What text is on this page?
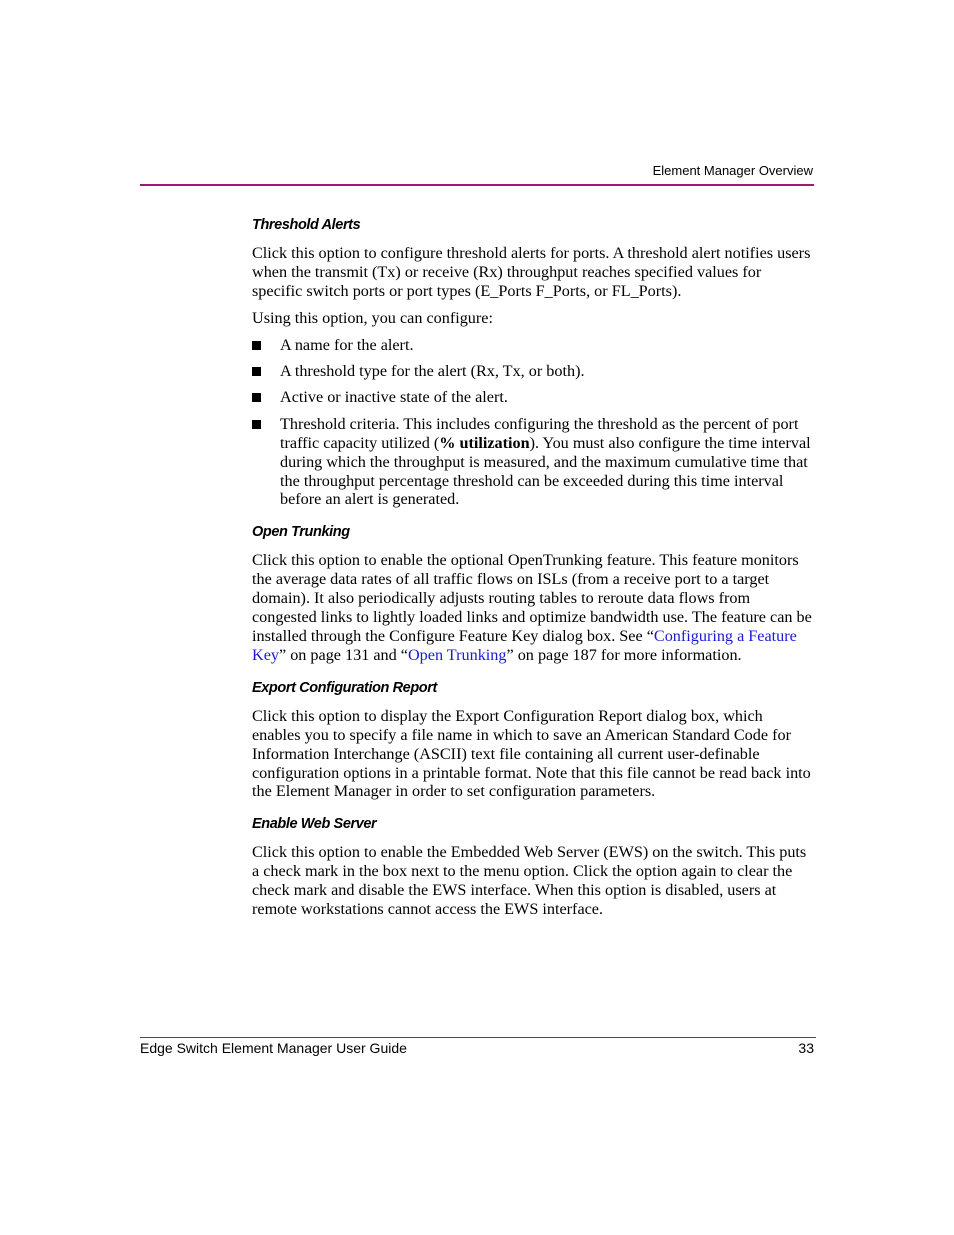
Element Manager Overview
Threshold Alerts

Click this option to configure threshold alerts for ports. A threshold alert notifies users when the transmit (Tx) or receive (Rx) throughput reaches specified values for specific switch ports or port types (E_Ports F_Ports, or FL_Ports).

Using this option, you can configure:

A name for the alert.
A threshold type for the alert (Rx, Tx, or both).
Active or inactive state of the alert.
Threshold criteria. This includes configuring the threshold as the percent of port traffic capacity utilized (% utilization). You must also configure the time interval during which the throughput is measured, and the maximum cumulative time that the throughput percentage threshold can be exceeded during this time interval before an alert is generated.
Open Trunking

Click this option to enable the optional OpenTrunking feature. This feature monitors the average data rates of all traffic flows on ISLs (from a receive port to a target domain). It also periodically adjusts routing tables to reroute data flows from congested links to lightly loaded links and optimize bandwidth use. The feature can be installed through the Configure Feature Key dialog box. See “Configuring a Feature Key” on page 131 and “Open Trunking” on page 187 for more information.

Export Configuration Report

Click this option to display the Export Configuration Report dialog box, which enables you to specify a file name in which to save an American Standard Code for Information Interchange (ASCII) text file containing all current user-definable configuration options in a printable format. Note that this file cannot be read back into the Element Manager in order to set configuration parameters.

Enable Web Server

Click this option to enable the Embedded Web Server (EWS) on the switch. This puts a check mark in the box next to the menu option. Click the option again to clear the check mark and disable the EWS interface. When this option is disabled, users at remote workstations cannot access the EWS interface.

Edge Switch Element Manager User Guide	33
